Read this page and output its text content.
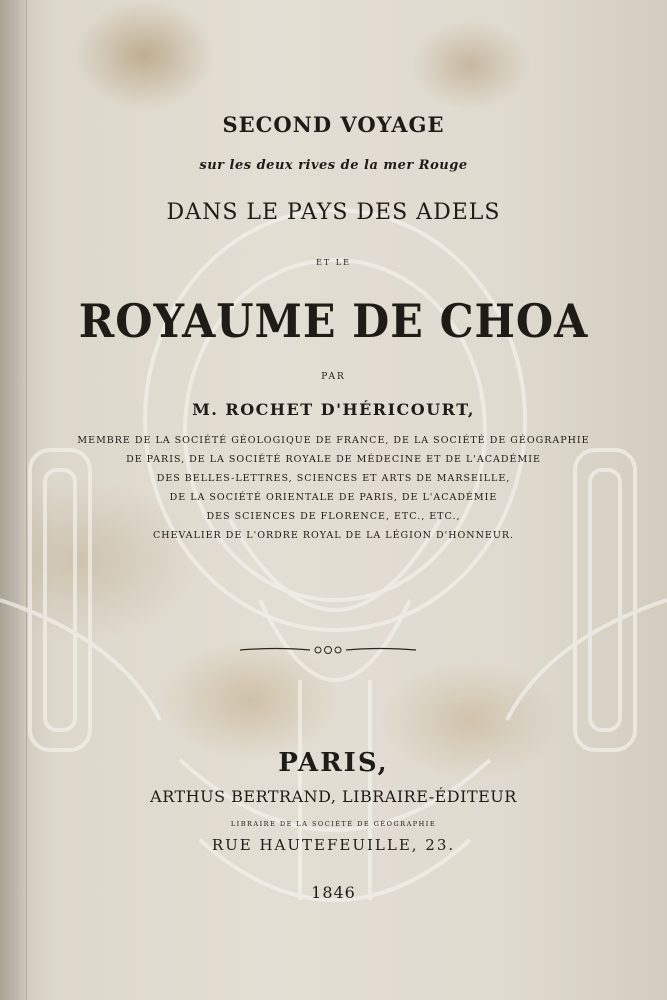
SECOND VOYAGE
sur les deux rives de la mer Rouge
DANS LE PAYS DES ADELS
ET LE
ROYAUME DE CHOA
PAR
M. ROCHET D'HÉRICOURT,
MEMBRE DE LA SOCIÉTÉ GÉOLOGIQUE DE FRANCE, DE LA SOCIÉTÉ DE GÉOGRAPHIE
DE PARIS, DE LA SOCIÉTÉ ROYALE DE MÉDECINE ET DE L'ACADÉMIE
DES BELLES-LETTRES, SCIENCES ET ARTS DE MARSEILLE,
DE LA SOCIÉTÉ ORIENTALE DE PARIS, DE L'ACADÉMIE
DES SCIENCES DE FLORENCE, ETC., ETC.,
CHEVALIER DE L'ORDRE ROYAL DE LA LÉGION D'HONNEUR.
PARIS,
ARTHUS BERTRAND, LIBRAIRE-ÉDITEUR
LIBRAIRE DE LA SOCIÉTÉ DE GÉOGRAPHIE
RUE HAUTEFEUILLE, 23.
1846
